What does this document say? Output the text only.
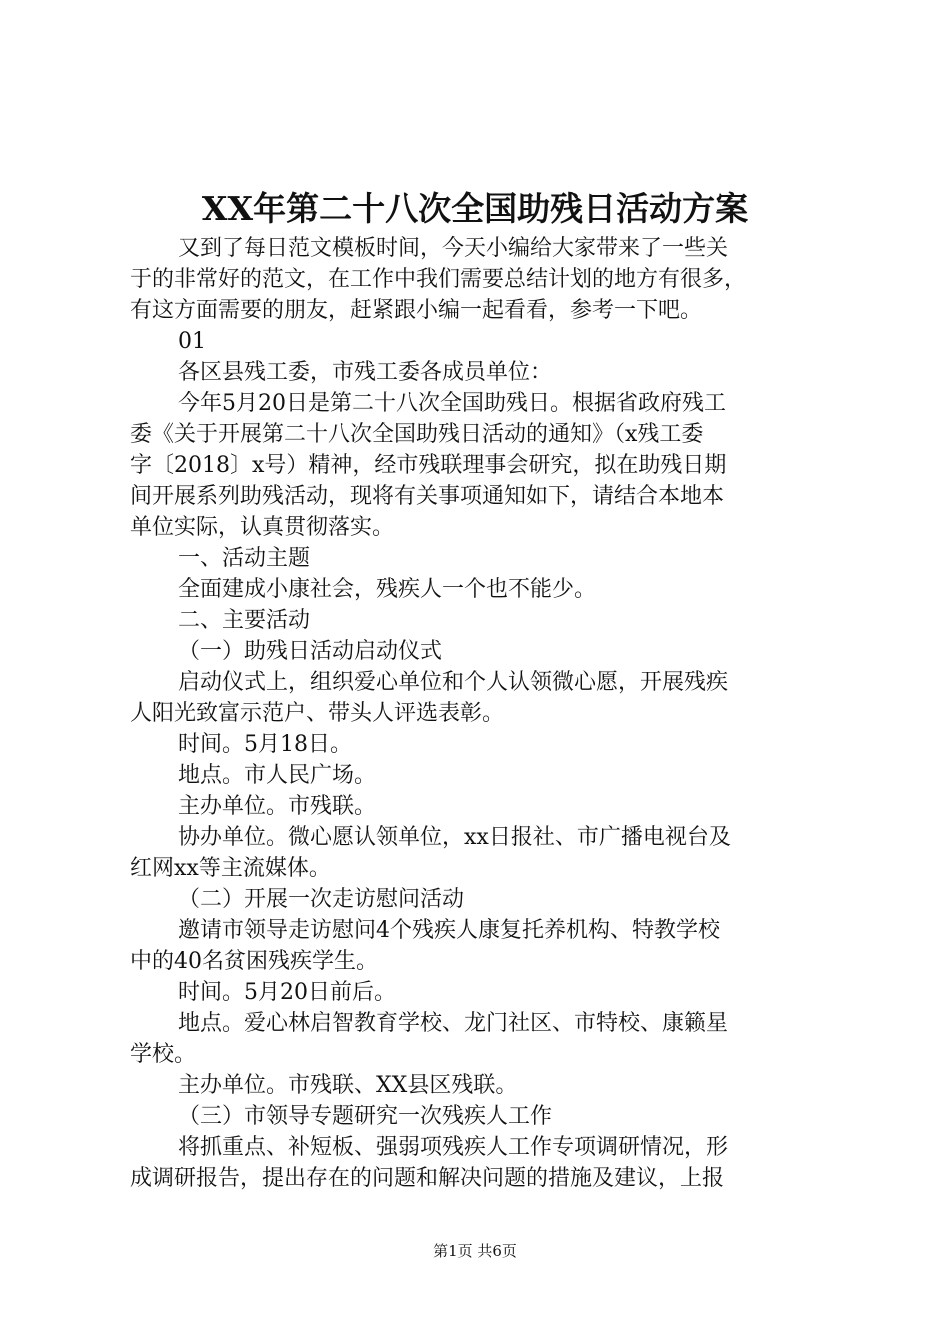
XX年第二十八次全国助残日活动方案
又到了每日范文模板时间，今天小编给大家带来了一些关
于的非常好的范文，在工作中我们需要总结计划的地方有很多，
有这方面需要的朋友，赶紧跟小编一起看看，参考一下吧。
01
各区县残工委，市残工委各成员单位：
今年5月20日是第二十八次全国助残日。根据省政府残工
委《关于开展第二十八次全国助残日活动的通知》（x残工委
字〔2018〕x号）精神，经市残联理事会研究，拟在助残日期
间开展系列助残活动，现将有关事项通知如下，请结合本地本
单位实际，认真贯彻落实。
一、活动主题
全面建成小康社会，残疾人一个也不能少。
二、主要活动
（一）助残日活动启动仪式
启动仪式上，组织爱心单位和个人认领微心愿，开展残疾
人阳光致富示范户、带头人评选表彰。
时间。5月18日。
地点。市人民广场。
主办单位。市残联。
协办单位。微心愿认领单位，xx日报社、市广播电视台及
红网xx等主流媒体。
（二）开展一次走访慰问活动
邀请市领导走访慰问4个残疾人康复托养机构、特教学校
中的40名贫困残疾学生。
时间。5月20日前后。
地点。爱心林启智教育学校、龙门社区、市特校、康籁星
学校。
主办单位。市残联、XX县区残联。
（三）市领导专题研究一次残疾人工作
将抓重点、补短板、强弱项残疾人工作专项调研情况，形
成调研报告，提出存在的问题和解决问题的措施及建议，上报
第1页 共6页
